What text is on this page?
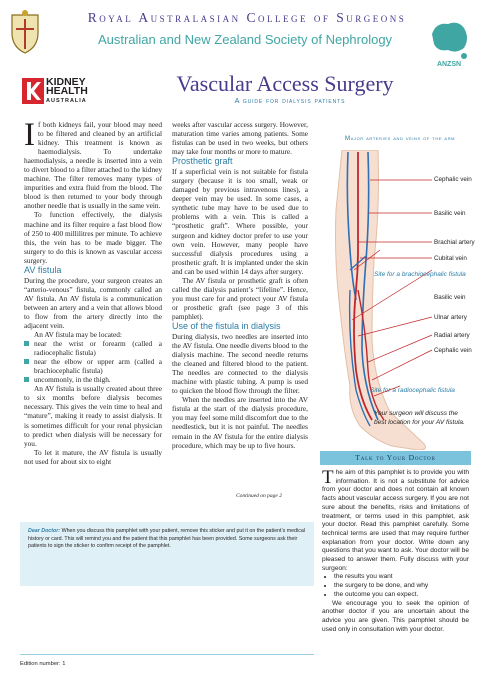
Royal Australasian College of Surgeons
Australian and New Zealand Society of Nephrology
ANZSN
KIDNEY
HEALTH
AUSTRALIA
Vascular Access Surgery
A guide for dialysis patients

If both kidneys fail, your blood may need to be filtered and cleaned by an artificial kidney. This treatment is known as haemodialysis. To undertake haemodialysis, a needle is inserted into a vein to divert blood to a filter attached to the kidney machine. The filter removes many types of impurities and extra fluid from the blood. The blood is then returned to your body through another needle that is usually in the same vein.

To function effectively, the dialysis machine and its filter require a fast blood flow of 250 to 400 millilitres per minute. To achieve this, the vein has to be made bigger. The surgery to do this is known as vascular access surgery.

AV fistula

During the procedure, your surgeon creates an “arterio-venous” fistula, commonly called an AV fistula. An AV fistula is a communication between an artery and a vein that allows blood to flow from the artery directly into the adjacent vein.

An AV fistula may be located:

near the wrist or forearm (called a radiocephalic fistula)
near the elbow or upper arm (called a brachiocephalic fistula)
uncommonly, in the thigh.

An AV fistula is usually created about three to six months before dialysis becomes necessary. This gives the vein time to heal and “mature”, making it ready to assist dialysis. It is sometimes difficult for your renal physician to predict when dialysis will be necessary for you.

To let it mature, the AV fistula is usually not used for about six to eight

weeks after vascular access surgery. However, maturation time varies among patients. Some fistulas can be used in two weeks, but others may take four months or more to mature.

Prosthetic graft

If a superficial vein is not suitable for fistula surgery (because it is too small, weak or damaged by previous intravenous lines), a deeper vein may be used. In some cases, a synthetic tube may have to be used due to problems with a vein. This is called a “prosthetic graft”. Where possible, your surgeon and kidney doctor prefer to use your own vein. However, many people have successful dialysis procedures using a prosthetic graft. It is implanted under the skin and can be used within 14 days after surgery.

The AV fistula or prosthetic graft is often called the dialysis patient’s “lifeline”. Hence, you must care for and protect your AV fistula or prosthetic graft (see page 3 of this pamphlet).

Use of the fistula in dialysis

During dialysis, two needles are inserted into the AV fistula. One needle diverts blood to the dialysis machine. The second needle returns the cleaned and filtered blood to the patient. The needles are connected to the dialysis machine with plastic tubing. A pump is used to quicken the blood flow through the filter.

When the needles are inserted into the AV fistula at the start of the dialysis procedure, you may feel some mild discomfort due to the needlestick, but it is not painful. The needles remain in the AV fistula for the entire dialysis procedure, which may be up to five hours.

Continued on page 2
Major arteries and veins of the arm
Cephalic vein
Basilic vein
Brachial artery
Cubital vein
Site for a brachiocephalic fistula
Basilic vein
Ulnar artery
Radial artery
Cephalic vein
Site for a radiocephalic fistula
Your surgeon will discuss the best location for your AV fistula.
Talk to Your Doctor

The aim of this pamphlet is to provide you with information. It is not a substitute for advice from your doctor and does not contain all known facts about vascular access surgery. If you are not sure about the benefits, risks and limitations of treatment, or terms used in this pamphlet, ask your doctor. Read this pamphlet carefully. Some technical terms are used that may require further explanation from your doctor. Write down any questions that you want to ask. Your doctor will be pleased to answer them. Fully discuss with your surgeon:

• the results you want
• the surgery to be done, and why
• the outcome you can expect.

We encourage you to seek the opinion of another doctor if you are uncertain about the advice you are given. This pamphlet should be used only in consultation with your doctor.

Dear Doctor: When you discuss this pamphlet with your patient, remove this sticker and put it on the patient’s medical history or card. This will remind you and the patient that this pamphlet has been provided. Some surgeons ask their patients to sign the sticker to confirm receipt of the pamphlet.
Edition number: 1
